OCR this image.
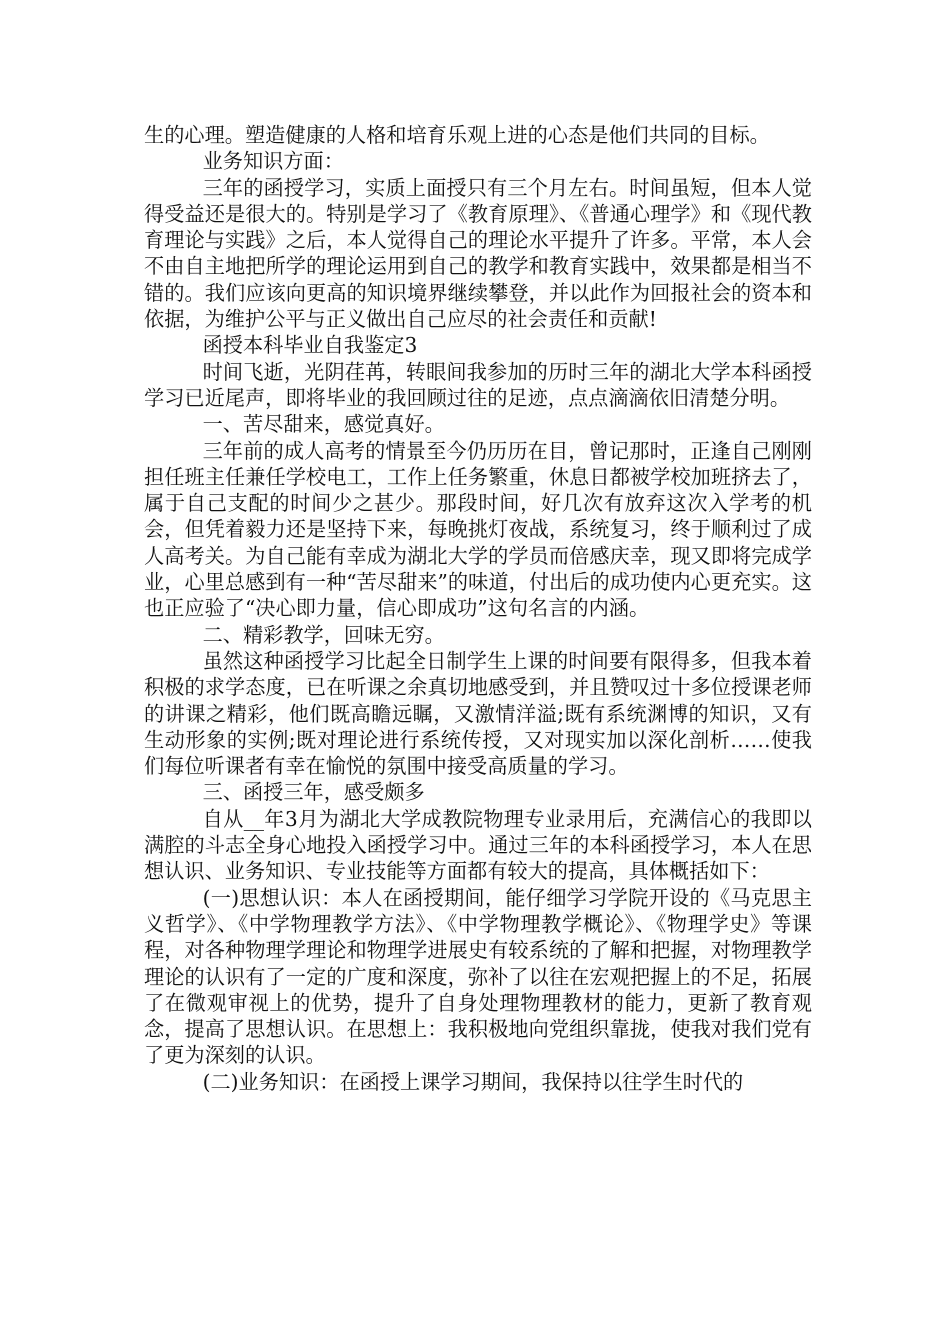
生的心理。塑造健康的人格和培育乐观上进的心态是他们共同的目标。

业务知识方面：

三年的函授学习，实质上面授只有三个月左右。时间虽短，但本人觉得受益还是很大的。特别是学习了《教育原理》、《普通心理学》和《现代教育理论与实践》之后，本人觉得自己的理论水平提升了许多。平常，本人会不由自主地把所学的理论运用到自己的教学和教育实践中，效果都是相当不错的。我们应该向更高的知识境界继续攀登，并以此作为回报社会的资本和依据，为维护公平与正义做出自己应尽的社会责任和贡献!

函授本科毕业自我鉴定3

时间飞逝，光阴荏苒，转眼间我参加的历时三年的湖北大学本科函授学习已近尾声，即将毕业的我回顾过往的足迹，点点滴滴依旧清楚分明。

一、苦尽甜来，感觉真好。

三年前的成人高考的情景至今仍历历在目，曾记那时，正逢自己刚刚担任班主任兼任学校电工，工作上任务繁重，休息日都被学校加班挤去了，属于自己支配的时间少之甚少。那段时间，好几次有放弃这次入学考的机会，但凭着毅力还是坚持下来，每晚挑灯夜战，系统复习，终于顺利过了成人高考关。为自己能有幸成为湖北大学的学员而倍感庆幸，现又即将完成学业，心里总感到有一种“苦尽甜来”的味道，付出后的成功使内心更充实。这也正应验了“决心即力量，信心即成功”这句名言的内涵。

二、精彩教学，回味无穷。

虽然这种函授学习比起全日制学生上课的时间要有限得多，但我本着积极的求学态度，已在听课之余真切地感受到，并且赞叹过十多位授课老师的讲课之精彩，他们既高瞻远瞩，又激情洋溢;既有系统渊博的知识，又有生动形象的实例;既对理论进行系统传授，又对现实加以深化剖析……使我们每位听课者有幸在愉悦的氛围中接受高质量的学习。

三、函授三年，感受颇多

自从__年3月为湖北大学成教院物理专业录用后，充满信心的我即以满腔的斗志全身心地投入函授学习中。通过三年的本科函授学习，本人在思想认识、业务知识、专业技能等方面都有较大的提高，具体概括如下：

(一)思想认识：本人在函授期间，能仔细学习学院开设的《马克思主义哲学》、《中学物理教学方法》、《中学物理教学概论》、《物理学史》等课程，对各种物理学理论和物理学进展史有较系统的了解和把握，对物理教学理论的认识有了一定的广度和深度，弥补了以往在宏观把握上的不足，拓展了在微观审视上的优势，提升了自身处理物理教材的能力，更新了教育观念，提高了思想认识。在思想上：我积极地向党组织靠拢，使我对我们党有了更为深刻的认识。

(二)业务知识：在函授上课学习期间，我保持以往学生时代的
